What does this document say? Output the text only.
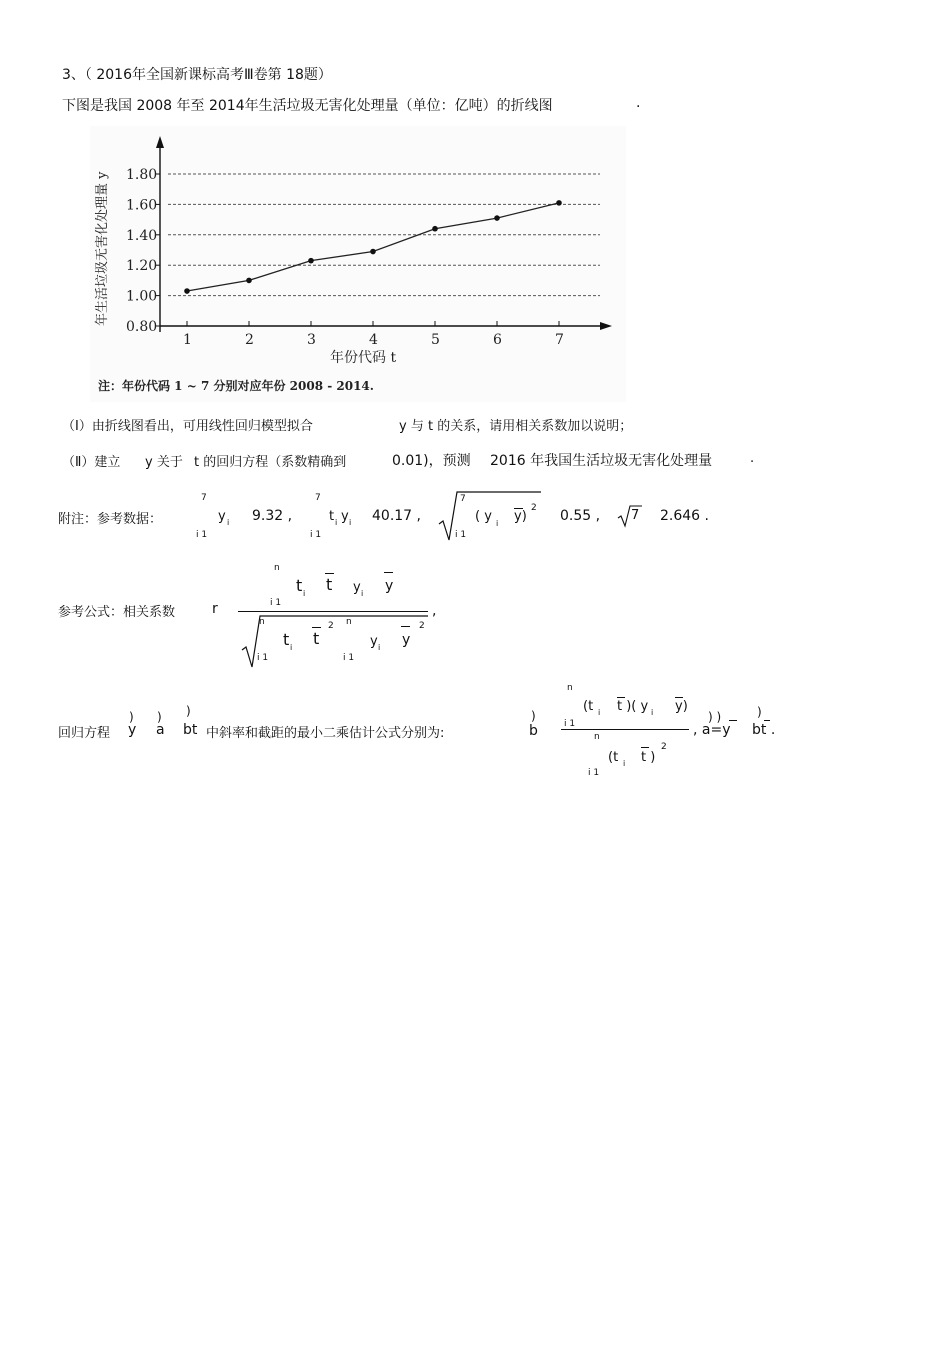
3、（ 2016年全国新课标高考Ⅲ卷第 18题）
下图是我国 2008 年至 2014年生活垃圾无害化处理量（单位：亿吨）的折线图	.
1.80
1.60
1.40
1.20
1.00
0.80
1	2	3	4	5	6	7
年份代码 t
年生活垃圾无害化处理量 y
注：年份代码 1 ~ 7 分别对应年份 2008 - 2014.
（Ⅰ）由折线图看出，可用线性回归模型拟合	y 与 t 的关系，请用相关系数加以说明；
（Ⅱ）建立 y 关于 t 的回归方程（系数精确到	0.01)，预测 2016 年我国生活垃圾无害化处理量	.
附注：参考数据：
7
i 1
y i 9.32 ,
7
i 1
t i y i 40.17 ,
7
i 1
( y i y)
2 0.55 , 7 2.646 .
参考公式：相关系数	r
n
i 1
t i t y i y
,
n
i 1
t i t
2 n
i 1
y i y
2
回归方程
)
y
)
a
)
bt 中斜率和截距的最小二乘估计公式分别为:
)
b
n
i 1
(t i t )( y i y)
n
i 1
(t i t )
2
) )	)
, a=y bt .
